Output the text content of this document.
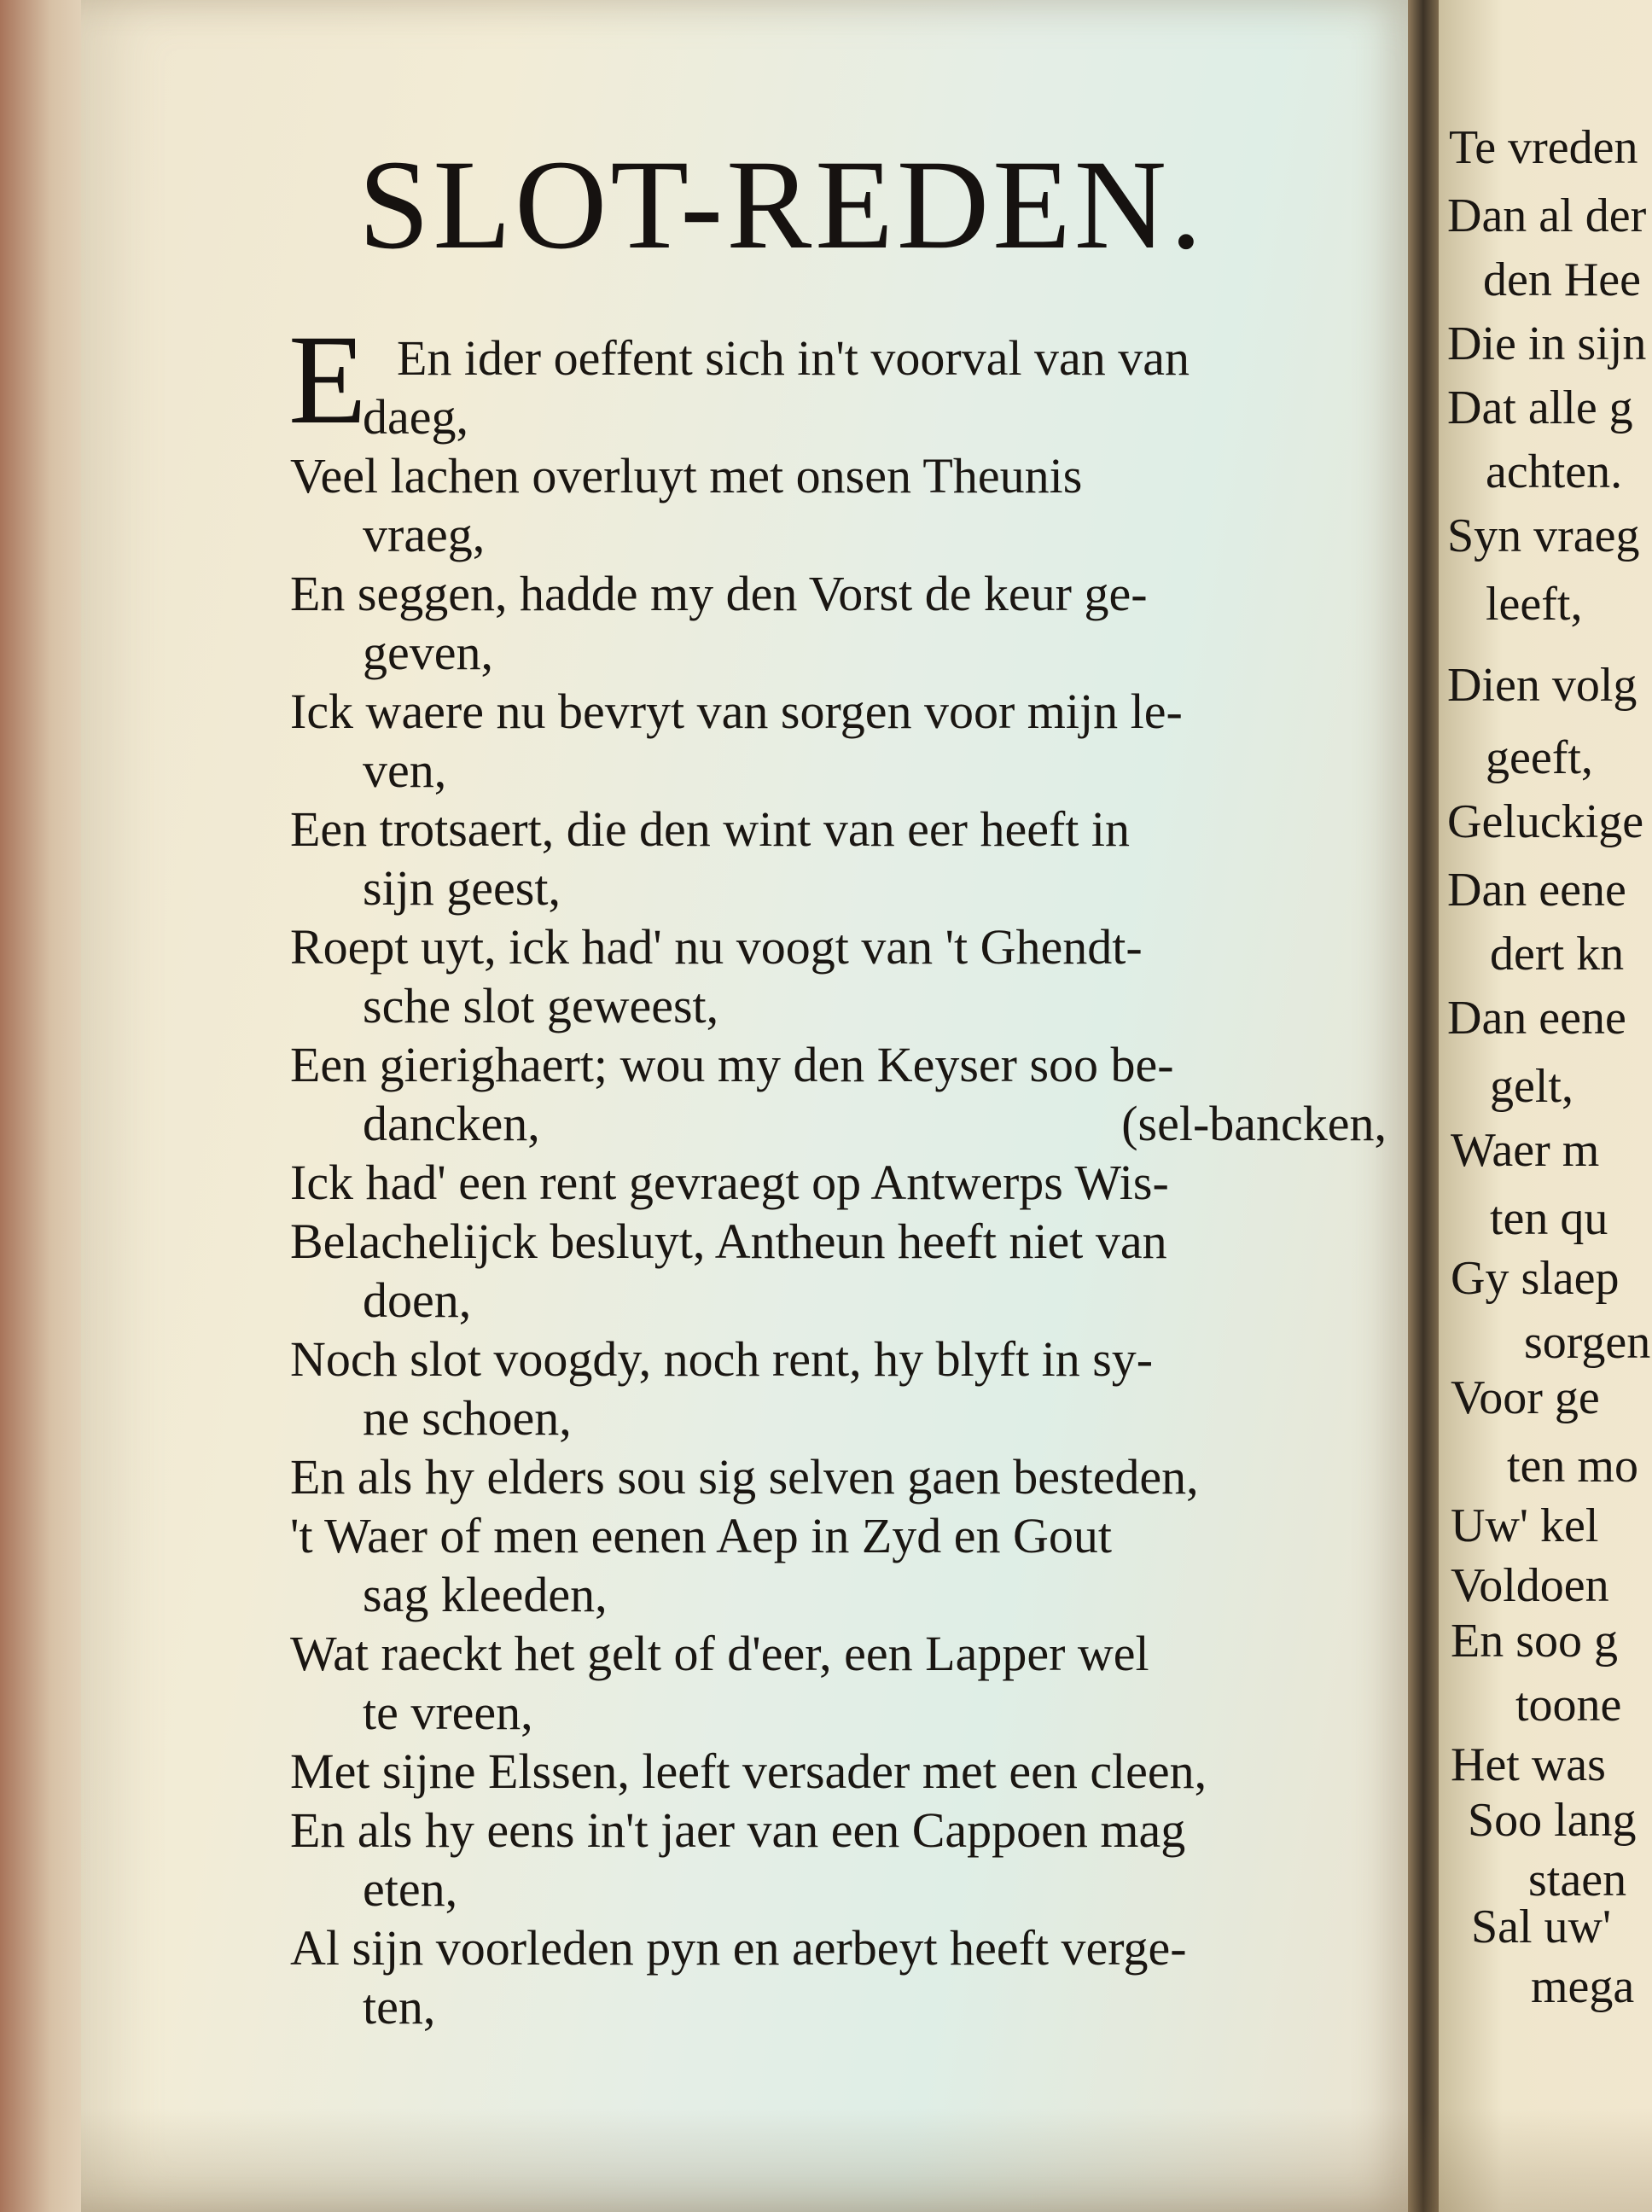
SLOT-REDEN.
E En ider oeffent sich in't voorval van van
daeg,
Veel lachen overluyt met onsen Theunis
vraeg,
En seggen, hadde my den Vorst de keur ge-
geven,
Ick waere nu bevryt van sorgen voor mijn le-
ven,
Een trotsaert, die den wint van eer heeft in
sijn geest,
Roept uyt, ick had' nu voogt van 't Ghendt-
sche slot geweest,
Een gierighaert; wou my den Keyser soo be-
dancken,	(sel-bancken,
Ick had' een rent gevraegt op Antwerps Wis-
Belachelijck besluyt, Antheun heeft niet van
doen,
Noch slot voogdy, noch rent, hy blyft in sy-
ne schoen,
En als hy elders sou sig selven gaen besteden,
't Waer of men eenen Aep in Zyd en Gout
sag kleeden,
Wat raeckt het gelt of d'eer, een Lapper wel
te vreen,
Met sijne Elssen, leeft versader met een cleen,
En als hy eens in't jaer van een Cappoen mag
eten,
Al sijn voorleden pyn en aerbeyt heeft verge-
ten,
Te vreden
Dan al der
den Hee
Die in sijn
Dat alle g
achten.
Syn vraeg
leeft,
Dien volg
geeft,
Geluckige
Dan eene
dert kn
Dan eene
gelt,
Waer m
ten qu
Gy slaep
sorgen
Voor ge
ten mo
Uw' kel
Voldoen
En soo g
toone
Het was
Soo lang
staen
Sal uw'
mega
